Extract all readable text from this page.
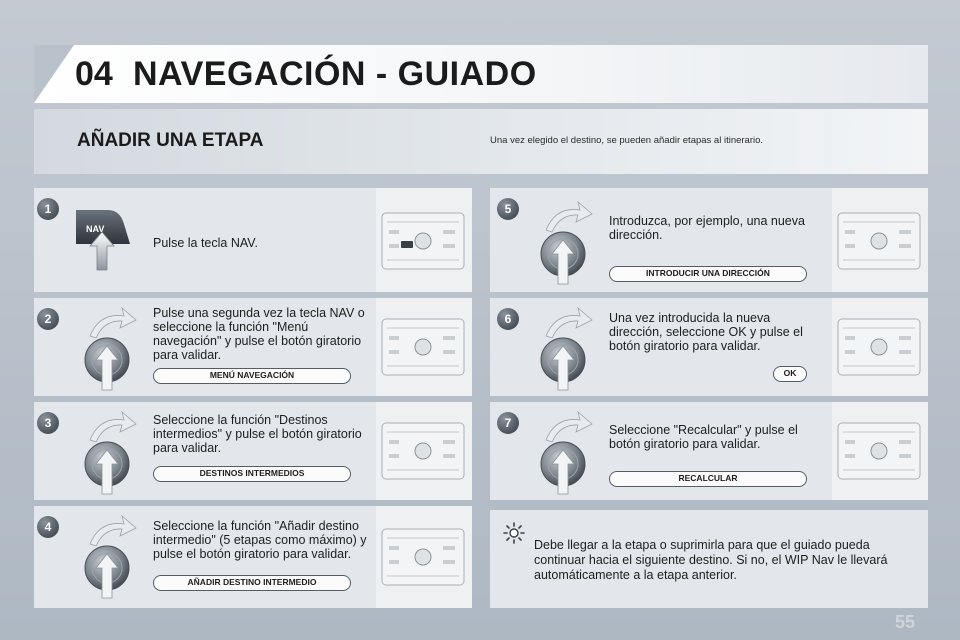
04 NAVEGACIÓN - GUIADO
AÑADIR UNA ETAPA	Una vez elegido el destino, se pueden añadir etapas al itinerario.
1
NAV
Pulse la tecla NAV.
2	Pulse una segunda vez la tecla NAV o seleccione la función "Menú navegación" y pulse el botón giratorio para validar.
MENÚ NAVEGACIÓN
3	Seleccione la función "Destinos intermedios" y pulse el botón giratorio para validar.
DESTINOS INTERMEDIOS
4	Seleccione la función "Añadir destino intermedio" (5 etapas como máximo) y pulse el botón giratorio para validar.
AÑADIR DESTINO INTERMEDIO
5
Introduzca, por ejemplo, una nueva dirección.
INTRODUCIR UNA DIRECCIÓN
6	Una vez introducida la nueva dirección, seleccione OK y pulse el botón giratorio para validar.
OK
7	Seleccione "Recalcular" y pulse el botón giratorio para validar.
RECALCULAR
Debe llegar a la etapa o suprimirla para que el guiado pueda continuar hacia el siguiente destino. Si no, el WIP Nav le llevará automáticamente a la etapa anterior.
55
